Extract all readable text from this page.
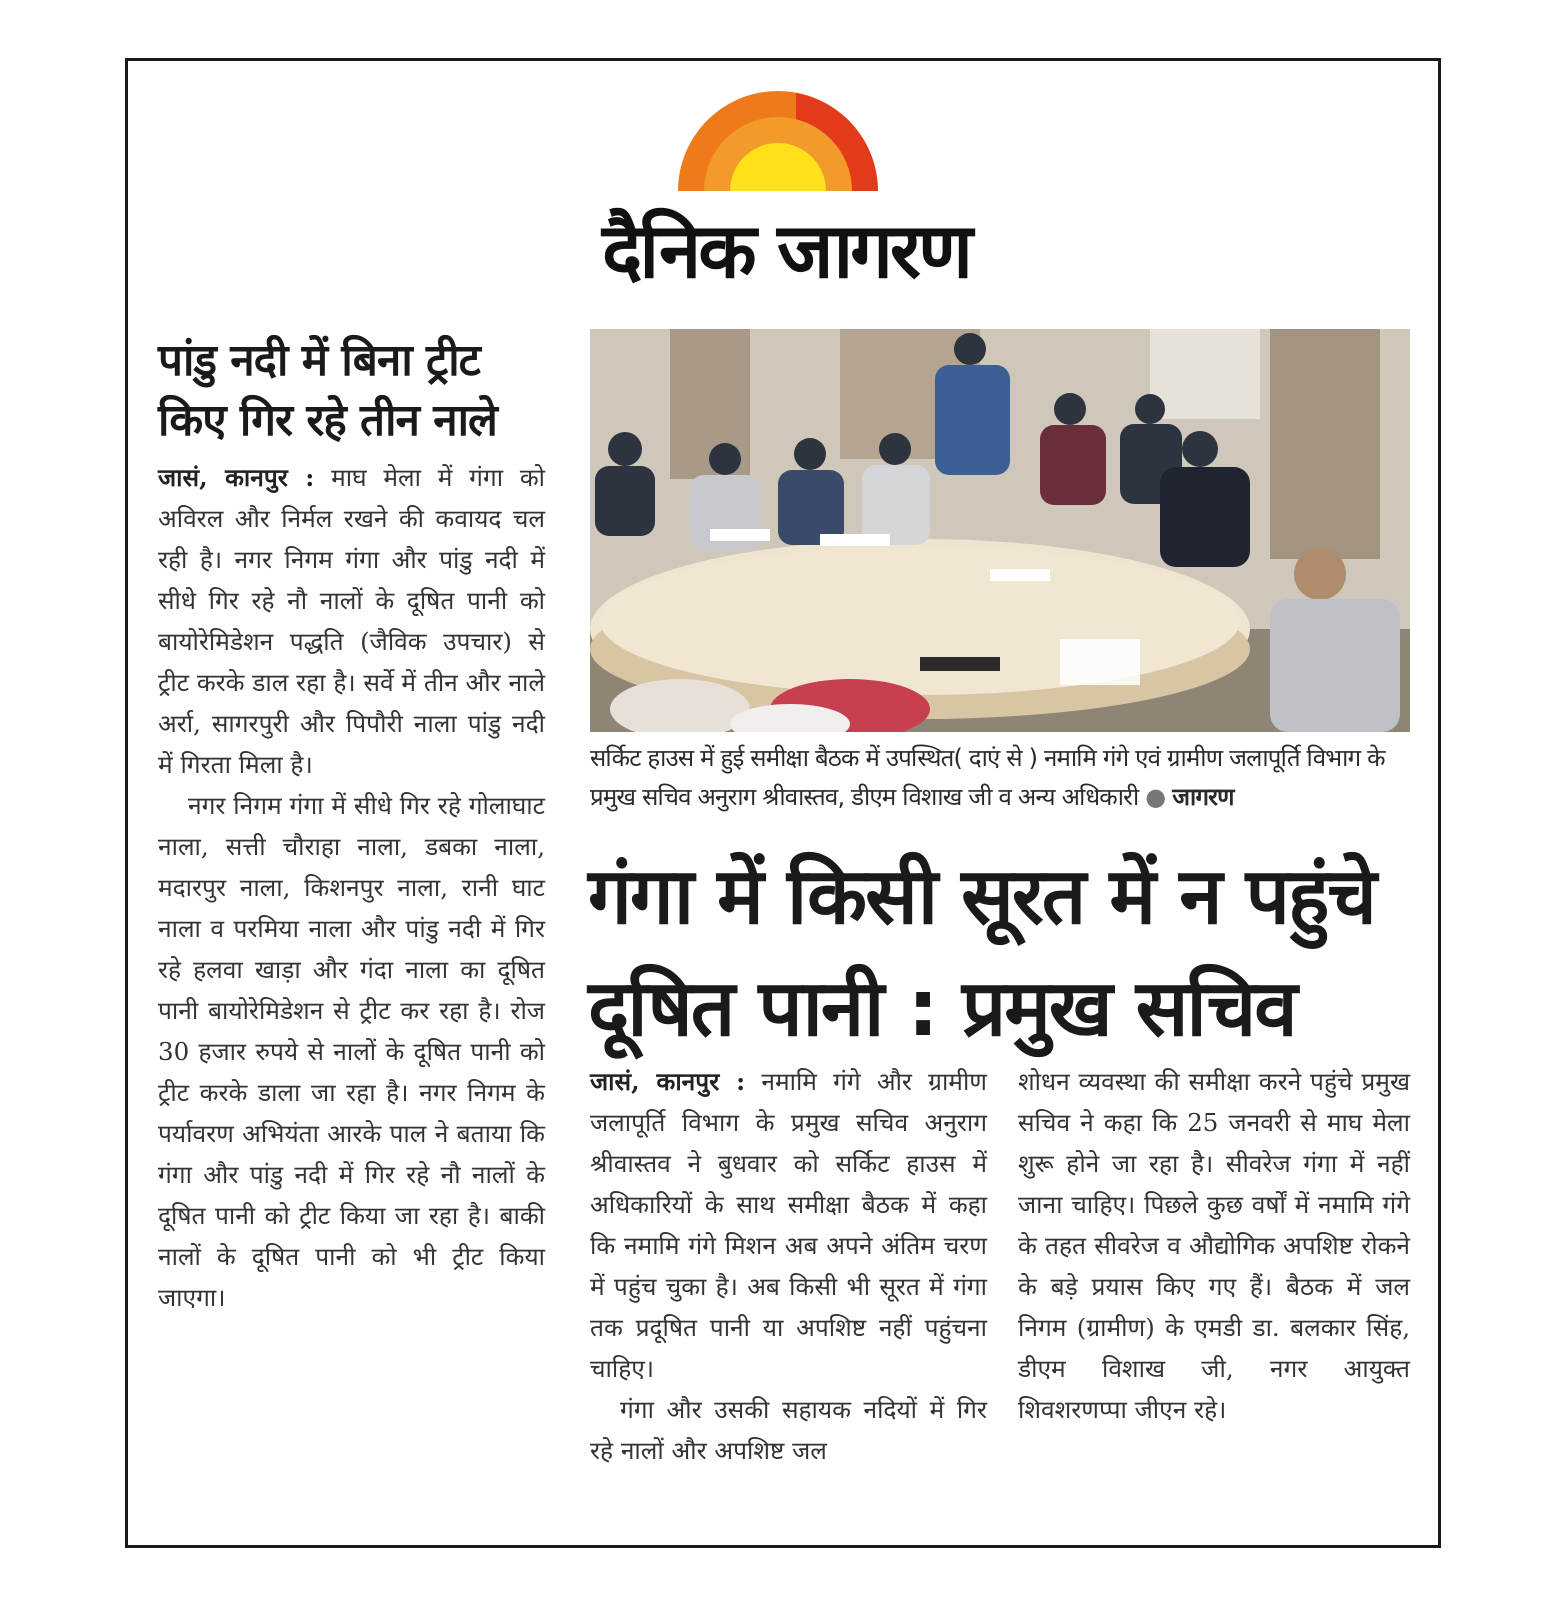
दैनिक जागरण
पांडु नदी में बिना ट्रीट किए गिर रहे तीन नाले

जासं, कानपुर : माघ मेला में गंगा को अविरल और निर्मल रखने की कवायद चल रही है। नगर निगम गंगा और पांडु नदी में सीधे गिर रहे नौ नालों के दूषित पानी को बायोरेमिडेशन पद्धति (जैविक उपचार) से ट्रीट करके डाल रहा है। सर्वे में तीन और नाले अर्रा, सागरपुरी और पिपौरी नाला पांडु नदी में गिरता मिला है।

नगर निगम गंगा में सीधे गिर रहे गोलाघाट नाला, सत्ती चौराहा नाला, डबका नाला, मदारपुर नाला, किशनपुर नाला, रानी घाट नाला व परमिया नाला और पांडु नदी में गिर रहे हलवा खाड़ा और गंदा नाला का दूषित पानी बायोरेमिडेशन से ट्रीट कर रहा है। रोज 30 हजार रुपये से नालों के दूषित पानी को ट्रीट करके डाला जा रहा है। नगर निगम के पर्यावरण अभियंता आरके पाल ने बताया कि गंगा और पांडु नदी में गिर रहे नौ नालों के दूषित पानी को ट्रीट किया जा रहा है। बाकी नालों के दूषित पानी को भी ट्रीट किया जाएगा।

सर्किट हाउस में हुई समीक्षा बैठक में उपस्थित( दाएं से ) नमामि गंगे एवं ग्रामीण जलापूर्ति विभाग के प्रमुख सचिव अनुराग श्रीवास्तव, डीएम विशाख जी व अन्य अधिकारी ● जागरण
गंगा में किसी सूरत में न पहुंचे
दूषित पानी : प्रमुख सचिव

जासं, कानपुर : नमामि गंगे और ग्रामीण जलापूर्ति विभाग के प्रमुख सचिव अनुराग श्रीवास्तव ने बुधवार को सर्किट हाउस में अधिकारियों के साथ समीक्षा बैठक में कहा कि नमामि गंगे मिशन अब अपने अंतिम चरण में पहुंच चुका है। अब किसी भी सूरत में गंगा तक प्रदूषित पानी या अपशिष्ट नहीं पहुंचना चाहिए।

गंगा और उसकी सहायक नदियों में गिर रहे नालों और अपशिष्ट जल

शोधन व्यवस्था की समीक्षा करने पहुंचे प्रमुख सचिव ने कहा कि 25 जनवरी से माघ मेला शुरू होने जा रहा है। सीवरेज गंगा में नहीं जाना चाहिए। पिछले कुछ वर्षों में नमामि गंगे के तहत सीवरेज व औद्योगिक अपशिष्ट रोकने के बड़े प्रयास किए गए हैं। बैठक में जल निगम (ग्रामीण) के एमडी डा. बलकार सिंह, डीएम विशाख जी, नगर आयुक्त शिवशरणप्पा जीएन रहे।
